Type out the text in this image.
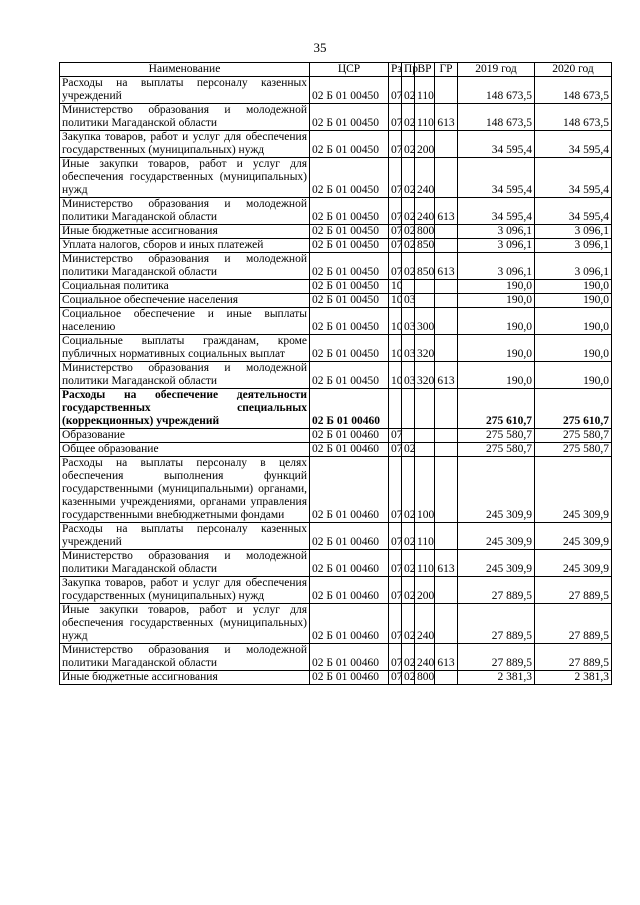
35
Наименование	ЦСР	Рз	Пр	ВР	ГР	2019 год	2020 год
Расходы на выплаты персоналу казенных учреждений	02 Б 01 00450	07	02	110		148 673,5	148 673,5
Министерство образования и молодежной политики Магаданской области	02 Б 01 00450	07	02	110	613	148 673,5	148 673,5
Закупка товаров, работ и услуг для обеспечения государственных (муниципальных) нужд	02 Б 01 00450	07	02	200		34 595,4	34 595,4
Иные закупки товаров, работ и услуг для обеспечения государственных (муниципальных) нужд	02 Б 01 00450	07	02	240		34 595,4	34 595,4
Министерство образования и молодежной политики Магаданской области	02 Б 01 00450	07	02	240	613	34 595,4	34 595,4
Иные бюджетные ассигнования	02 Б 01 00450	07	02	800		3 096,1	3 096,1
Уплата налогов, сборов и иных платежей	02 Б 01 00450	07	02	850		3 096,1	3 096,1
Министерство образования и молодежной политики Магаданской области	02 Б 01 00450	07	02	850	613	3 096,1	3 096,1
Социальная политика	02 Б 01 00450	10				190,0	190,0
Социальное обеспечение населения	02 Б 01 00450	10	03			190,0	190,0
Социальное обеспечение и иные выплаты населению	02 Б 01 00450	10	03	300		190,0	190,0
Социальные выплаты гражданам, кроме публичных нормативных социальных выплат	02 Б 01 00450	10	03	320		190,0	190,0
Министерство образования и молодежной политики Магаданской области	02 Б 01 00450	10	03	320	613	190,0	190,0
Расходы на обеспечение деятельности государственных специальных (коррекционных) учреждений	02 Б 01 00460					275 610,7	275 610,7
Образование	02 Б 01 00460	07				275 580,7	275 580,7
Общее образование	02 Б 01 00460	07	02			275 580,7	275 580,7
Расходы на выплаты персоналу в целях обеспечения выполнения функций государственными (муниципальными) органами, казенными учреждениями, органами управления государственными внебюджетными фондами	02 Б 01 00460	07	02	100		245 309,9	245 309,9
Расходы на выплаты персоналу казенных учреждений	02 Б 01 00460	07	02	110		245 309,9	245 309,9
Министерство образования и молодежной политики Магаданской области	02 Б 01 00460	07	02	110	613	245 309,9	245 309,9
Закупка товаров, работ и услуг для обеспечения государственных (муниципальных) нужд	02 Б 01 00460	07	02	200		27 889,5	27 889,5
Иные закупки товаров, работ и услуг для обеспечения государственных (муниципальных) нужд	02 Б 01 00460	07	02	240		27 889,5	27 889,5
Министерство образования и молодежной политики Магаданской области	02 Б 01 00460	07	02	240	613	27 889,5	27 889,5
Иные бюджетные ассигнования	02 Б 01 00460	07	02	800		2 381,3	2 381,3
